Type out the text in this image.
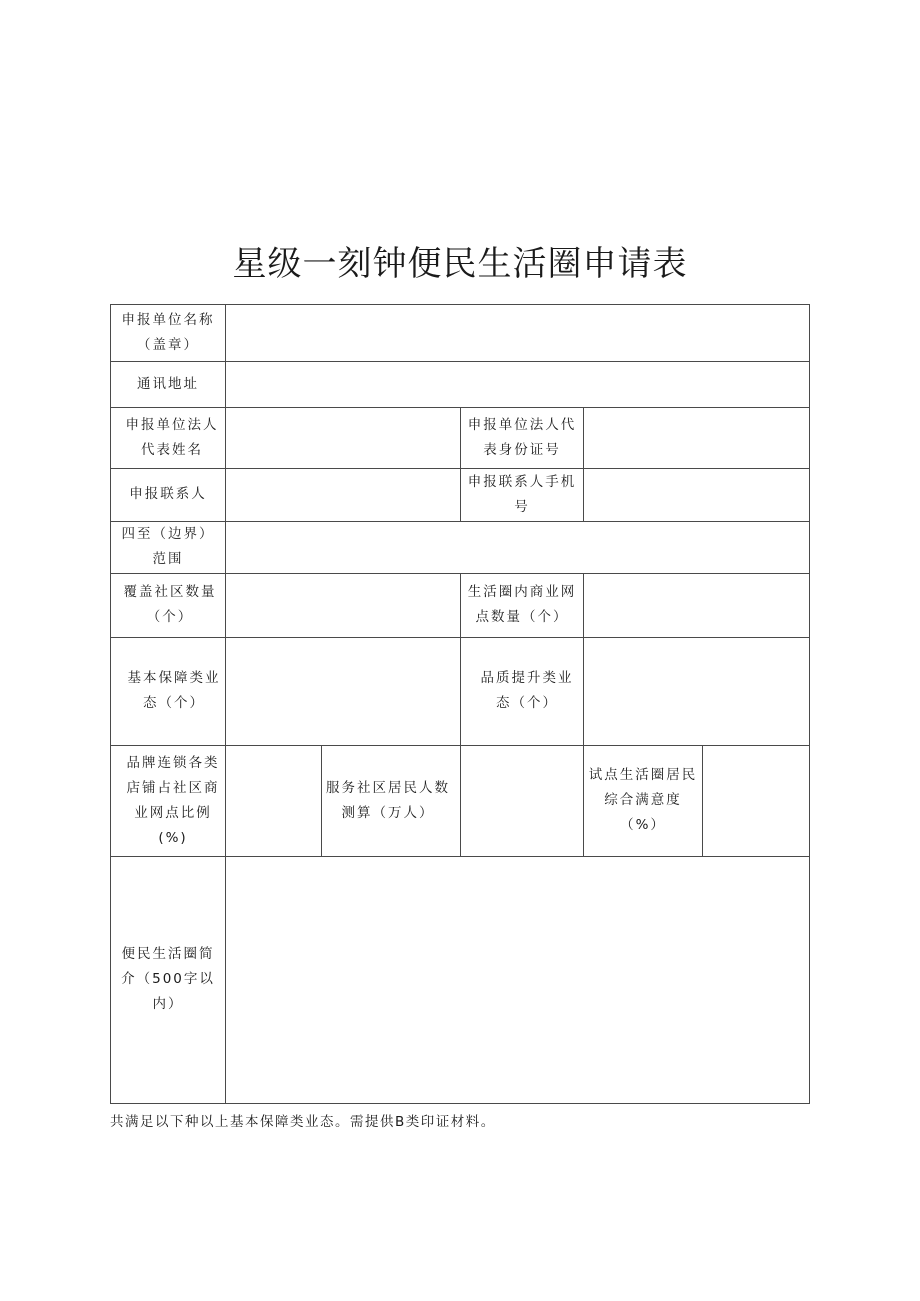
星级一刻钟便民生活圈申请表
申报单位名称（盖章）
通讯地址
申报单位法人代表姓名
申报单位法人代表身份证号
申报联系人
申报联系人手机号
四至（边界）范围
覆盖社区数量（个）
生活圈内商业网点数量（个）
基本保障类业态（个）
品质提升类业态（个）
品牌连锁各类店铺占社区商业网点比例(%)
服务社区居民人数测算（万人）
试点生活圈居民综合满意度（%）
便民生活圈简介（500字以内）
共满足以下种以上基本保障类业态。需提供B类印证材料。
